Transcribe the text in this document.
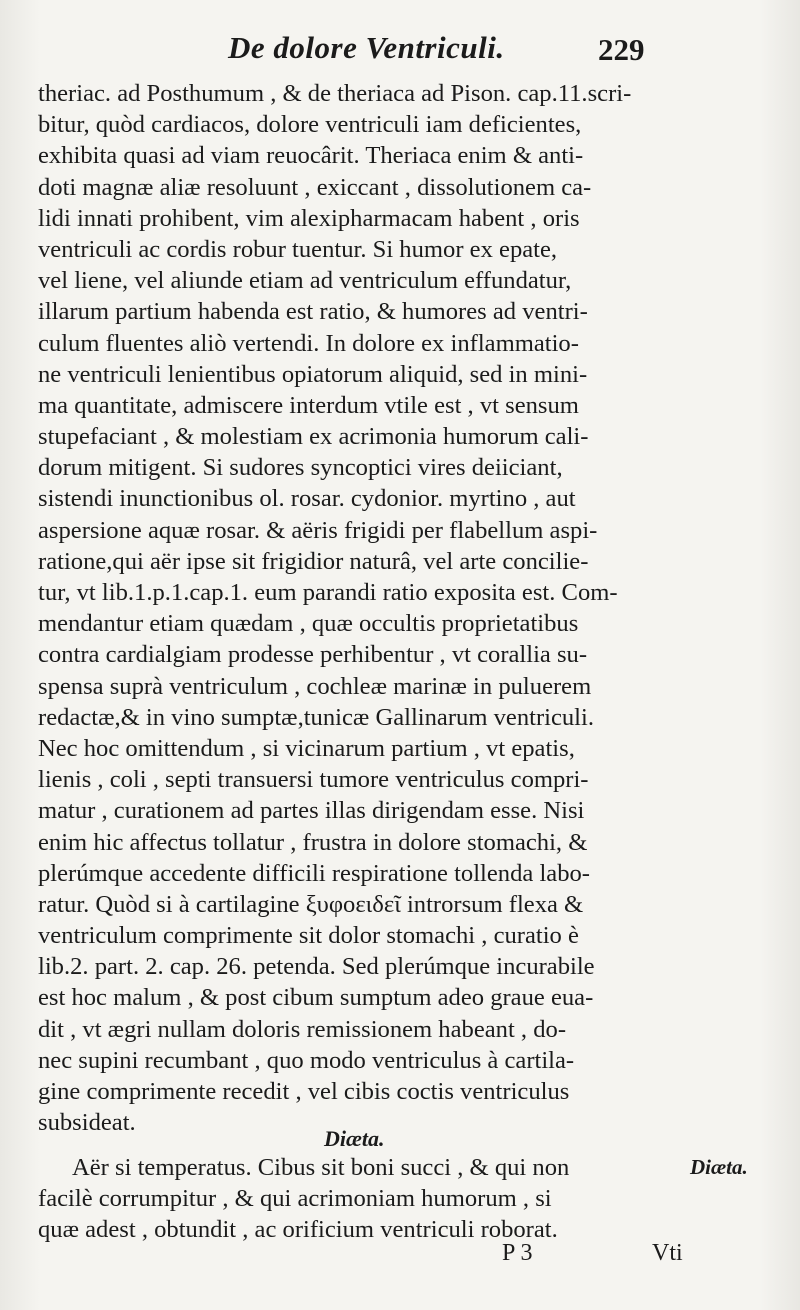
De dolore Ventriculi.	229
theriac. ad Posthumum , & de theriaca ad Pison. cap.11.scri-
bitur, quòd cardiacos, dolore ventriculi iam deficientes,
exhibita quasi ad viam reuocârit. Theriaca enim & anti-
doti magnæ aliæ resoluunt , exiccant , dissolutionem ca-
lidi innati prohibent, vim alexipharmacam habent , oris
ventriculi ac cordis robur tuentur. Si humor ex epate,
vel liene, vel aliunde etiam ad ventriculum effundatur,
illarum partium habenda est ratio, & humores ad ventri-
culum fluentes aliò vertendi. In dolore ex inflammatio-
ne ventriculi lenientibus opiatorum aliquid, sed in mini-
ma quantitate, admiscere interdum vtile est , vt sensum
stupefaciant , & molestiam ex acrimonia humorum cali-
dorum mitigent. Si sudores syncoptici vires deiiciant,
sistendi inunctionibus ol. rosar. cydonior. myrtino , aut
aspersione aquæ rosar. & aëris frigidi per flabellum aspi-
ratione,qui aër ipse sit frigidior naturâ, vel arte concilie-
tur, vt lib.1.p.1.cap.1. eum parandi ratio exposita est. Com-
mendantur etiam quædam , quæ occultis proprietatibus
contra cardialgiam prodesse perhibentur , vt corallia su-
spensa suprà ventriculum , cochleæ marinæ in puluerem
redactæ,& in vino sumptæ,tunicæ Gallinarum ventriculi.
Nec hoc omittendum , si vicinarum partium , vt epatis,
lienis , coli , septi transuersi tumore ventriculus compri-
matur , curationem ad partes illas dirigendam esse. Nisi
enim hic affectus tollatur , frustra in dolore stomachi, &
plerúmque accedente difficili respiratione tollenda labo-
ratur. Quòd si à cartilagine ξυφοειδεῖ introrsum flexa &
ventriculum comprimente sit dolor stomachi , curatio è
lib.2. part. 2. cap. 26. petenda. Sed plerúmque incurabile
est hoc malum , & post cibum sumptum adeo graue eua-
dit , vt ægri nullam doloris remissionem habeant , do-
nec supini recumbant , quo modo ventriculus à cartila-
gine comprimente recedit , vel cibis coctis ventriculus
subsideat.
Diæta.
Aër si temperatus. Cibus sit boni succi , & qui non
facilè corrumpitur , & qui acrimoniam humorum , si
quæ adest , obtundit , ac orificium ventriculi roborat.
Diæta.
P 3	Vti
